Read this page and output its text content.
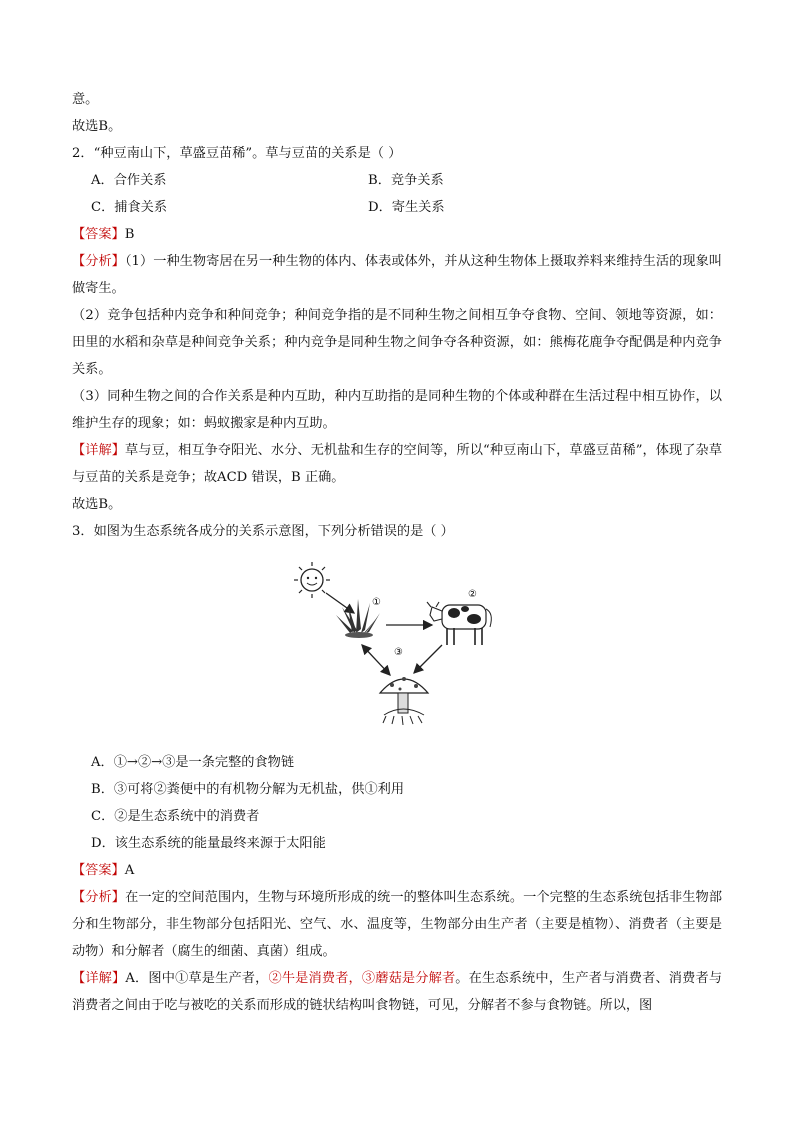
意。
故选B。
2．“种豆南山下，草盛豆苗稀”。草与豆苗的关系是（ ）
A．合作关系	B．竞争关系
C．捕食关系	D．寄生关系
【答案】B
【分析】（1）一种生物寄居在另一种生物的体内、体表或体外，并从这种生物体上摄取养料来维持生活的现象叫做寄生。
（2）竞争包括种内竞争和种间竞争；种间竞争指的是不同种生物之间相互争夺食物、空间、领地等资源，如：田里的水稻和杂草是种间竞争关系；种内竞争是同种生物之间争夺各种资源，如：熊梅花鹿争夺配偶是种内竞争关系。
（3）同种生物之间的合作关系是种内互助，种内互助指的是同种生物的个体或种群在生活过程中相互协作，以维护生存的现象；如：蚂蚁搬家是种内互助。
【详解】草与豆，相互争夺阳光、水分、无机盐和生存的空间等，所以“种豆南山下，草盛豆苗稀”，体现了杂草与豆苗的关系是竞争；故ACD 错误，B 正确。
故选B。
3．如图为生态系统各成分的关系示意图，下列分析错误的是（ ）
①
②
③
A．①→②→③是一条完整的食物链
B．③可将②粪便中的有机物分解为无机盐，供①利用
C．②是生态系统中的消费者
D．该生态系统的能量最终来源于太阳能
【答案】A
【分析】在一定的空间范围内，生物与环境所形成的统一的整体叫生态系统。一个完整的生态系统包括非生物部分和生物部分，非生物部分包括阳光、空气、水、温度等，生物部分由生产者（主要是植物）、消费者（主要是动物）和分解者（腐生的细菌、真菌）组成。
【详解】A．图中①草是生产者，②牛是消费者，③蘑菇是分解者。在生态系统中，生产者与消费者、消费者与消费者之间由于吃与被吃的关系而形成的链状结构叫食物链，可见，分解者不参与食物链。所以，图
